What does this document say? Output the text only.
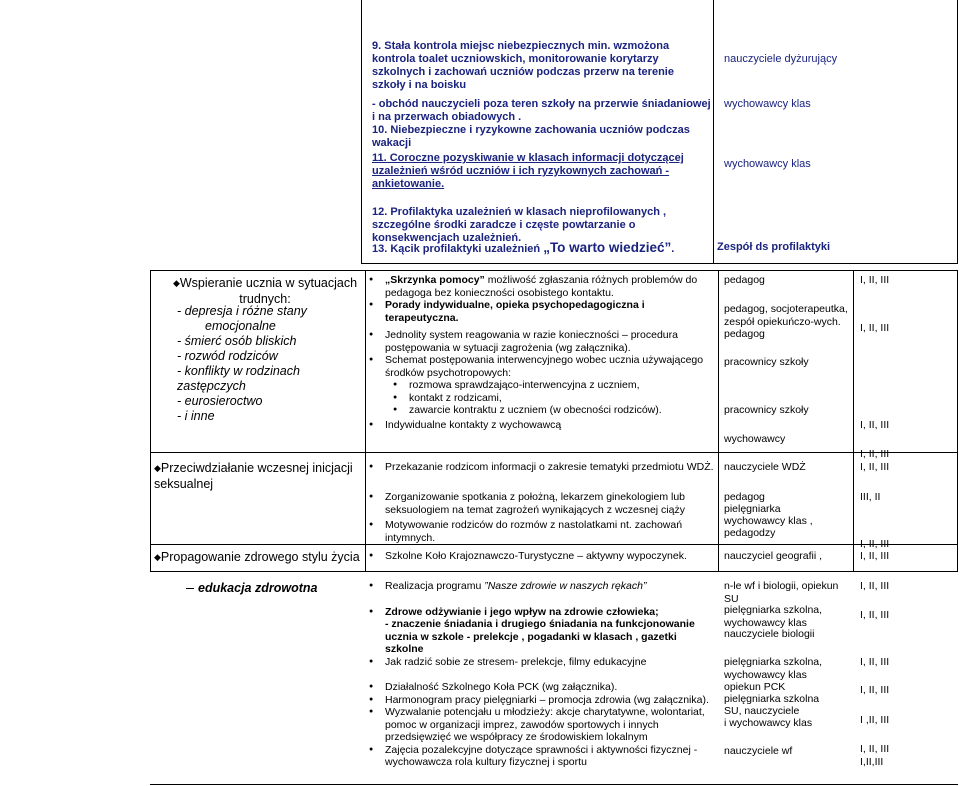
9. Stała kontrola miejsc niebezpiecznych min. wzmożona kontrola toalet uczniowskich, monitorowanie korytarzy szkolnych i zachowań uczniów podczas przerw na terenie szkoły i na boisku
- obchód nauczycieli poza teren szkoły na przerwie śniadaniowej i na przerwach obiadowych .
10. Niebezpieczne i ryzykowne zachowania uczniów podczas wakacji
11. Coroczne pozyskiwanie w klasach informacji dotyczącej uzależnień wśród uczniów i ich ryzykownych zachowań - ankietowanie.
12. Profilaktyka uzależnień w klasach nieprofilowanych , szczególne środki zaradcze i częste powtarzanie o konsekwencjach uzależnień.
13. Kącik profilaktyki uzależnień „To warto wiedzieć”.
nauczyciele dyżurujący
wychowawcy klas
wychowawcy klas
Zespół ds profilaktyki
◆Wspieranie ucznia w sytuacjach trudnych:
- depresja i różne stany
emocjonalne
- śmierć osób bliskich
- rozwód rodziców
- konflikty w rodzinach zastępczych
- eurosieroctwo
- i inne
◆Przeciwdziałanie wczesnej inicjacji seksualnej
◆Propagowanie zdrowego stylu życia
edukacja zdrowotna
● „Skrzynka pomocy” możliwość zgłaszania różnych problemów do pedagoga bez konieczności osobistego kontaktu.
● Porady indywidualne, opieka psychopedagogiczna i terapeutyczna.
● Jednolity system reagowania w razie konieczności – procedura postępowania w sytuacji zagrożenia (wg załącznika).
● Schemat postępowania interwencyjnego wobec ucznia używającego środków psychotropowych:
● rozmowa sprawdzająco-interwencyjna z uczniem,
● kontakt z rodzicami,
● zawarcie kontraktu z uczniem (w obecności rodziców).
● Indywidualne kontakty z wychowawcą
● Przekazanie rodzicom informacji o zakresie tematyki przedmiotu WDŻ.
● Zorganizowanie spotkania z położną, lekarzem ginekologiem lub seksuologiem na temat zagrożeń wynikających z wczesnej ciąży
● Motywowanie rodziców do rozmów z nastolatkami nt. zachowań intymnych.
● Szkolne Koło Krajoznawczo-Turystyczne – aktywny wypoczynek.
● Realizacja programu ”Nasze zdrowie w naszych rękach”
● Zdrowe odżywianie i jego wpływ na zdrowie człowieka;
- znaczenie śniadania i drugiego śniadania na funkcjonowanie ucznia w szkole - prelekcje , pogadanki w klasach , gazetki szkolne
● Jak radzić sobie ze stresem- prelekcje, filmy edukacyjne
● Działalność Szkolnego Koła PCK (wg załącznika).
● Harmonogram pracy pielęgniarki – promocja zdrowia (wg załącznika).
● Wyzwalanie potencjału u młodzieży: akcje charytatywne, wolontariat, pomoc w organizacji imprez, zawodów sportowych i innych przedsięwzięć we współpracy ze środowiskiem lokalnym
● Zajęcia pozalekcyjne dotyczące sprawności i aktywności fizycznej - wychowawcza rola kultury fizycznej i sportu
pedagog
pedagog, socjoterapeutka, zespół opiekuńczo-wych.
pedagog
pracownicy szkoły
pracownicy szkoły
wychowawcy
nauczyciele WDŻ
pedagog
pielęgniarka
wychowawcy klas ,
pedagodzy
nauczyciel geografii ,
n-le wf i biologii, opiekun SU
pielęgniarka szkolna, wychowawcy klas
nauczyciele biologii
pielęgniarka szkolna, wychowawcy klas
opiekun PCK
pielęgniarka szkolna
SU, nauczyciele
i wychowawcy klas
nauczyciele wf
I, II, III
I, II, III
I, II, III
I, II, III
I, II, III
III, II
I, II, III
I, II, III
I, II, III
I, II, III
I, II, III
I, II, III
I ,II, III
I, II, III
I,II,III
